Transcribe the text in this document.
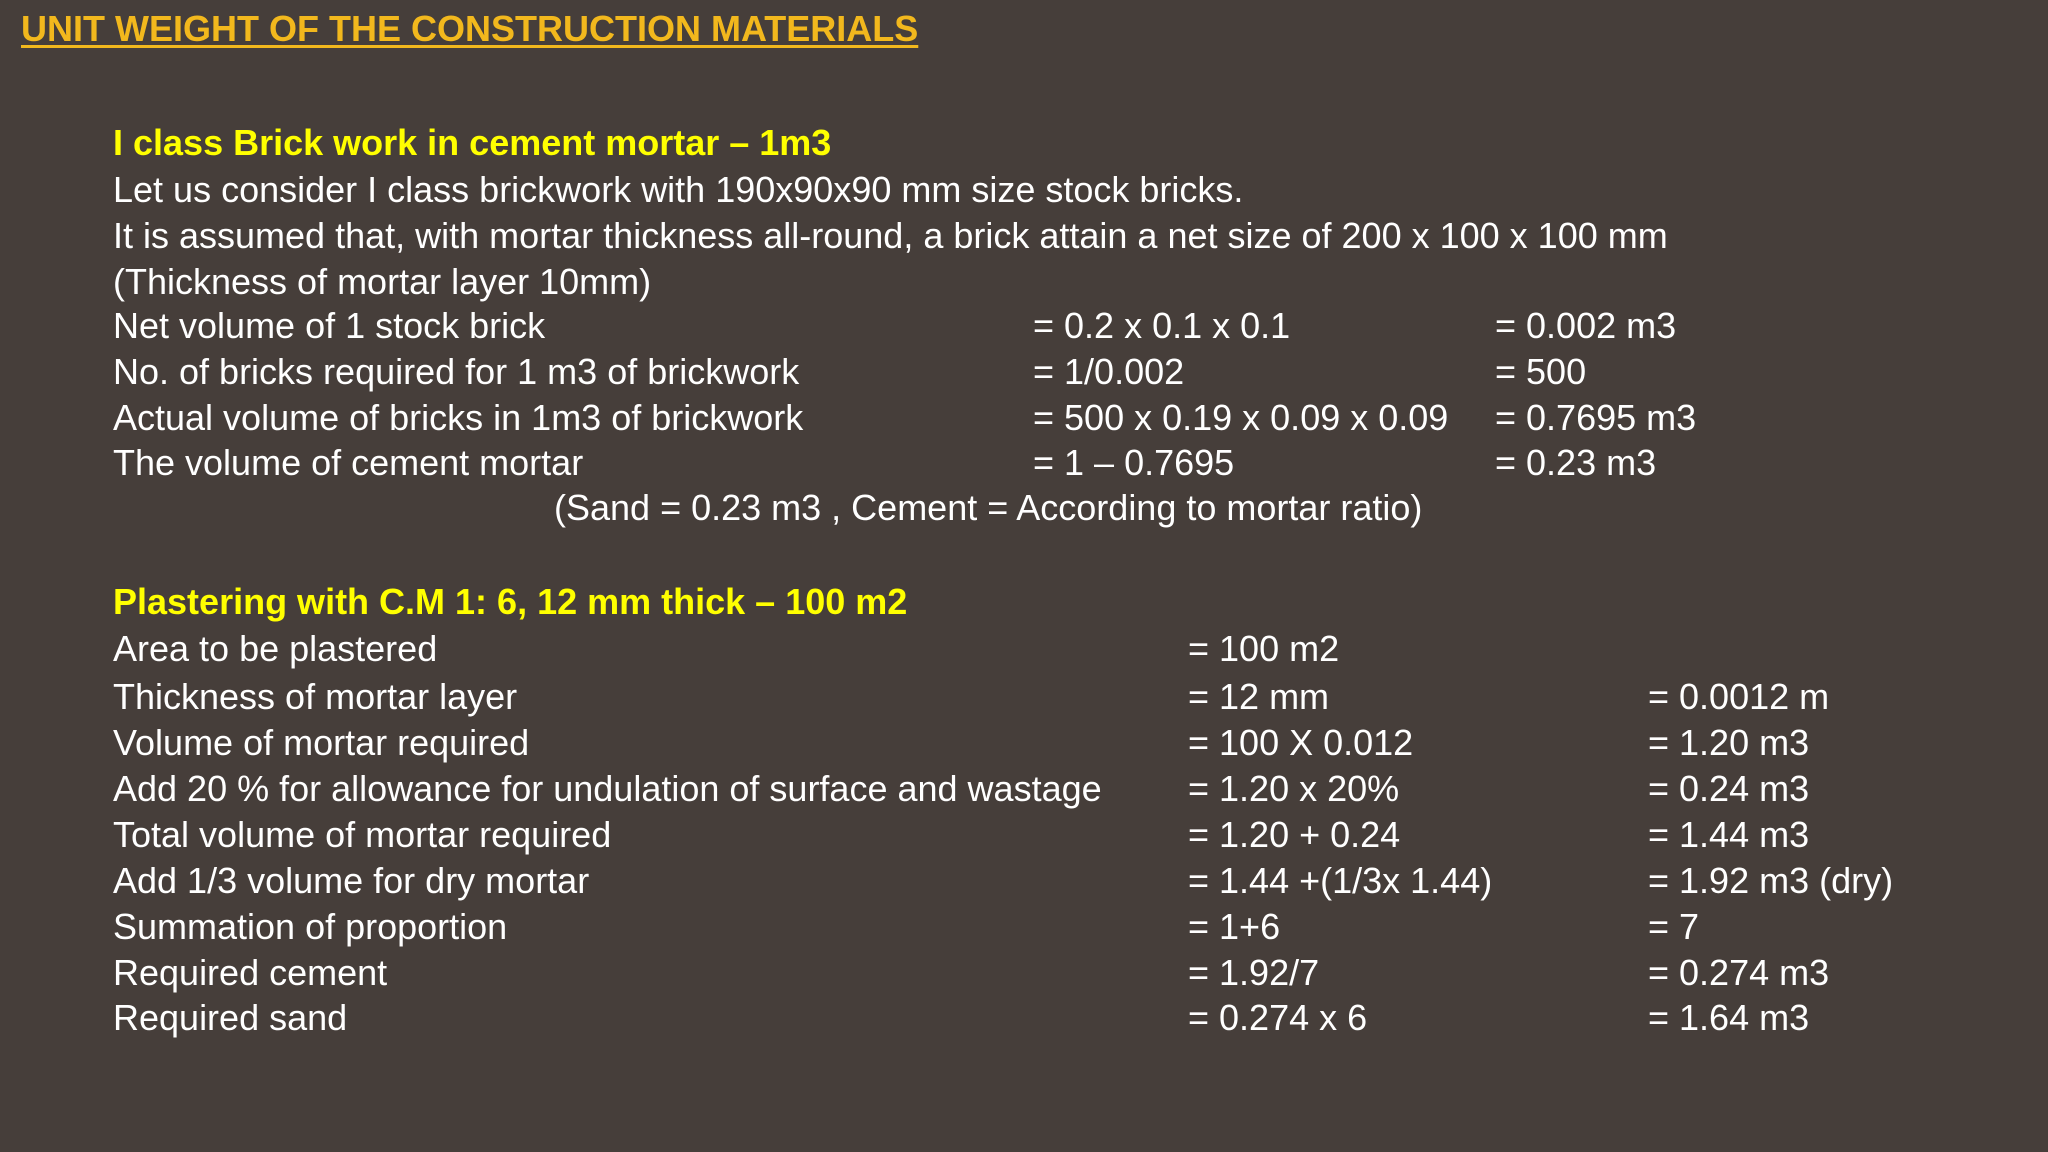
UNIT WEIGHT OF THE CONSTRUCTION MATERIALS
I class Brick work in cement mortar – 1m3
Let us consider I class brickwork with 190x90x90 mm size stock bricks.
It is assumed that, with mortar thickness all-round, a brick attain a net size of 200 x 100 x 100 mm
(Thickness of mortar layer 10mm)
Net volume of 1 stock brick	= 0.2 x 0.1 x 0.1	= 0.002 m3
No. of bricks required for 1 m3 of brickwork	= 1/0.002	= 500
Actual volume of bricks in 1m3 of brickwork	= 500 x 0.19 x 0.09 x 0.09 = 0.7695 m3
The volume of cement mortar	= 1 – 0.7695	= 0.23 m3
(Sand = 0.23 m3 , Cement = According to mortar ratio)
Plastering with C.M 1: 6, 12 mm thick – 100 m2
Area to be plastered	= 100 m2
Thickness of mortar layer	= 12 mm	= 0.0012 m
Volume of mortar required	= 100 X 0.012	= 1.20 m3
Add 20 % for allowance for undulation of surface and wastage = 1.20 x 20%	= 0.24 m3
Total volume of mortar required	= 1.20 + 0.24	= 1.44 m3
Add 1/3 volume for dry mortar	= 1.44 +(1/3x 1.44)	= 1.92 m3 (dry)
Summation of proportion	= 1+6	= 7
Required cement	= 1.92/7	= 0.274 m3
Required sand	= 0.274 x 6	= 1.64 m3
